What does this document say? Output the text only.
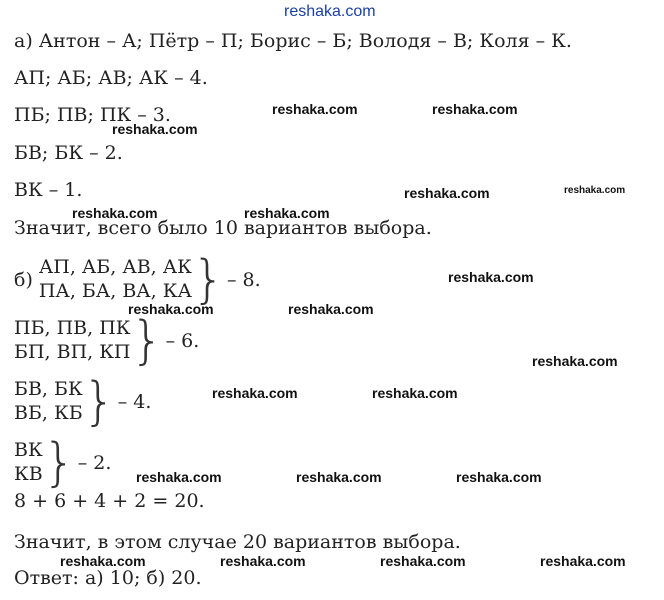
reshaka.com
а) Антон – А; Пётр – П; Борис – Б; Володя – В; Коля – К.
АП; АБ; АВ; АК – 4.
ПБ; ПВ; ПК – 3.
БВ; БК – 2.
ВК – 1.
Значит, всего было 10 вариантов выбора.
б)АП, АБ, АВ, АК
ПА, БА, ВА, КА} – 8.
ПБ, ПВ, ПК
БП, ВП, КП} – 6.
БВ, БК
ВБ, КБ} – 4.
ВК
КВ} – 2.
8 + 6 + 4 + 2 = 20.
Значит, в этом случае 20 вариантов выбора.
Ответ: а) 10; б) 20.
reshaka.com	reshaka.com
reshaka.com
reshaka.com	reshaka.com
reshaka.com	reshaka.com
reshaka.com
reshaka.com	reshaka.com
reshaka.com
reshaka.com	reshaka.com
reshaka.com	reshaka.com	reshaka.com
reshaka.com	reshaka.com	reshaka.com	reshaka.com
